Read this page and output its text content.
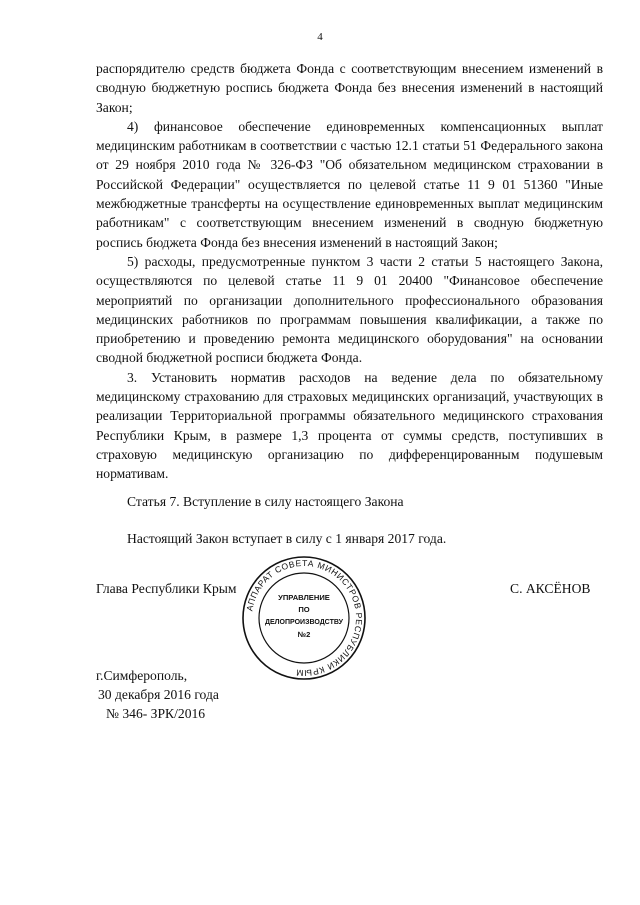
4

распорядителю средств бюджета Фонда с соответствующим внесением изменений в сводную бюджетную роспись бюджета Фонда без внесения изменений в настоящий Закон;

4) финансовое обеспечение единовременных компенсационных выплат медицинским работникам в соответствии с частью 12.1 статьи 51 Федерального закона от 29 ноября 2010 года № 326-ФЗ "Об обязательном медицинском страховании в Российской Федерации" осуществляется по целевой статье 11 9 01 51360 "Иные межбюджетные трансферты на осуществление единовременных выплат медицинским работникам" с соответствующим внесением изменений в сводную бюджетную роспись бюджета Фонда без внесения изменений в настоящий Закон;

5) расходы, предусмотренные пунктом 3 части 2 статьи 5 настоящего Закона, осуществляются по целевой статье 11 9 01 20400 "Финансовое обеспечение мероприятий по организации дополнительного профессионального образования медицинских работников по программам повышения квалификации, а также по приобретению и проведению ремонта медицинского оборудования" на основании сводной бюджетной росписи бюджета Фонда.

3. Установить норматив расходов на ведение дела по обязательному медицинскому страхованию для страховых медицинских организаций, участвующих в реализации Территориальной программы обязательного медицинского страхования Республики Крым, в размере 1,3 процента от суммы средств, поступивших в страховую медицинскую организацию по дифференцированным подушевым нормативам.

Статья 7. Вступление в силу настоящего Закона
Настоящий Закон вступает в силу с 1 января 2017 года.
Глава Республики Крым
АППАРАТ СОВЕТА МИНИСТРОВ РЕСПУБЛИКИ КРЫМ
УПРАВЛЕНИЕ
ПО
ДЕЛОПРОИЗВОДСТВУ
№2
С. АКСЁНОВ
г.Симферополь,
30 декабря 2016 года
№ 346- ЗРК/2016
